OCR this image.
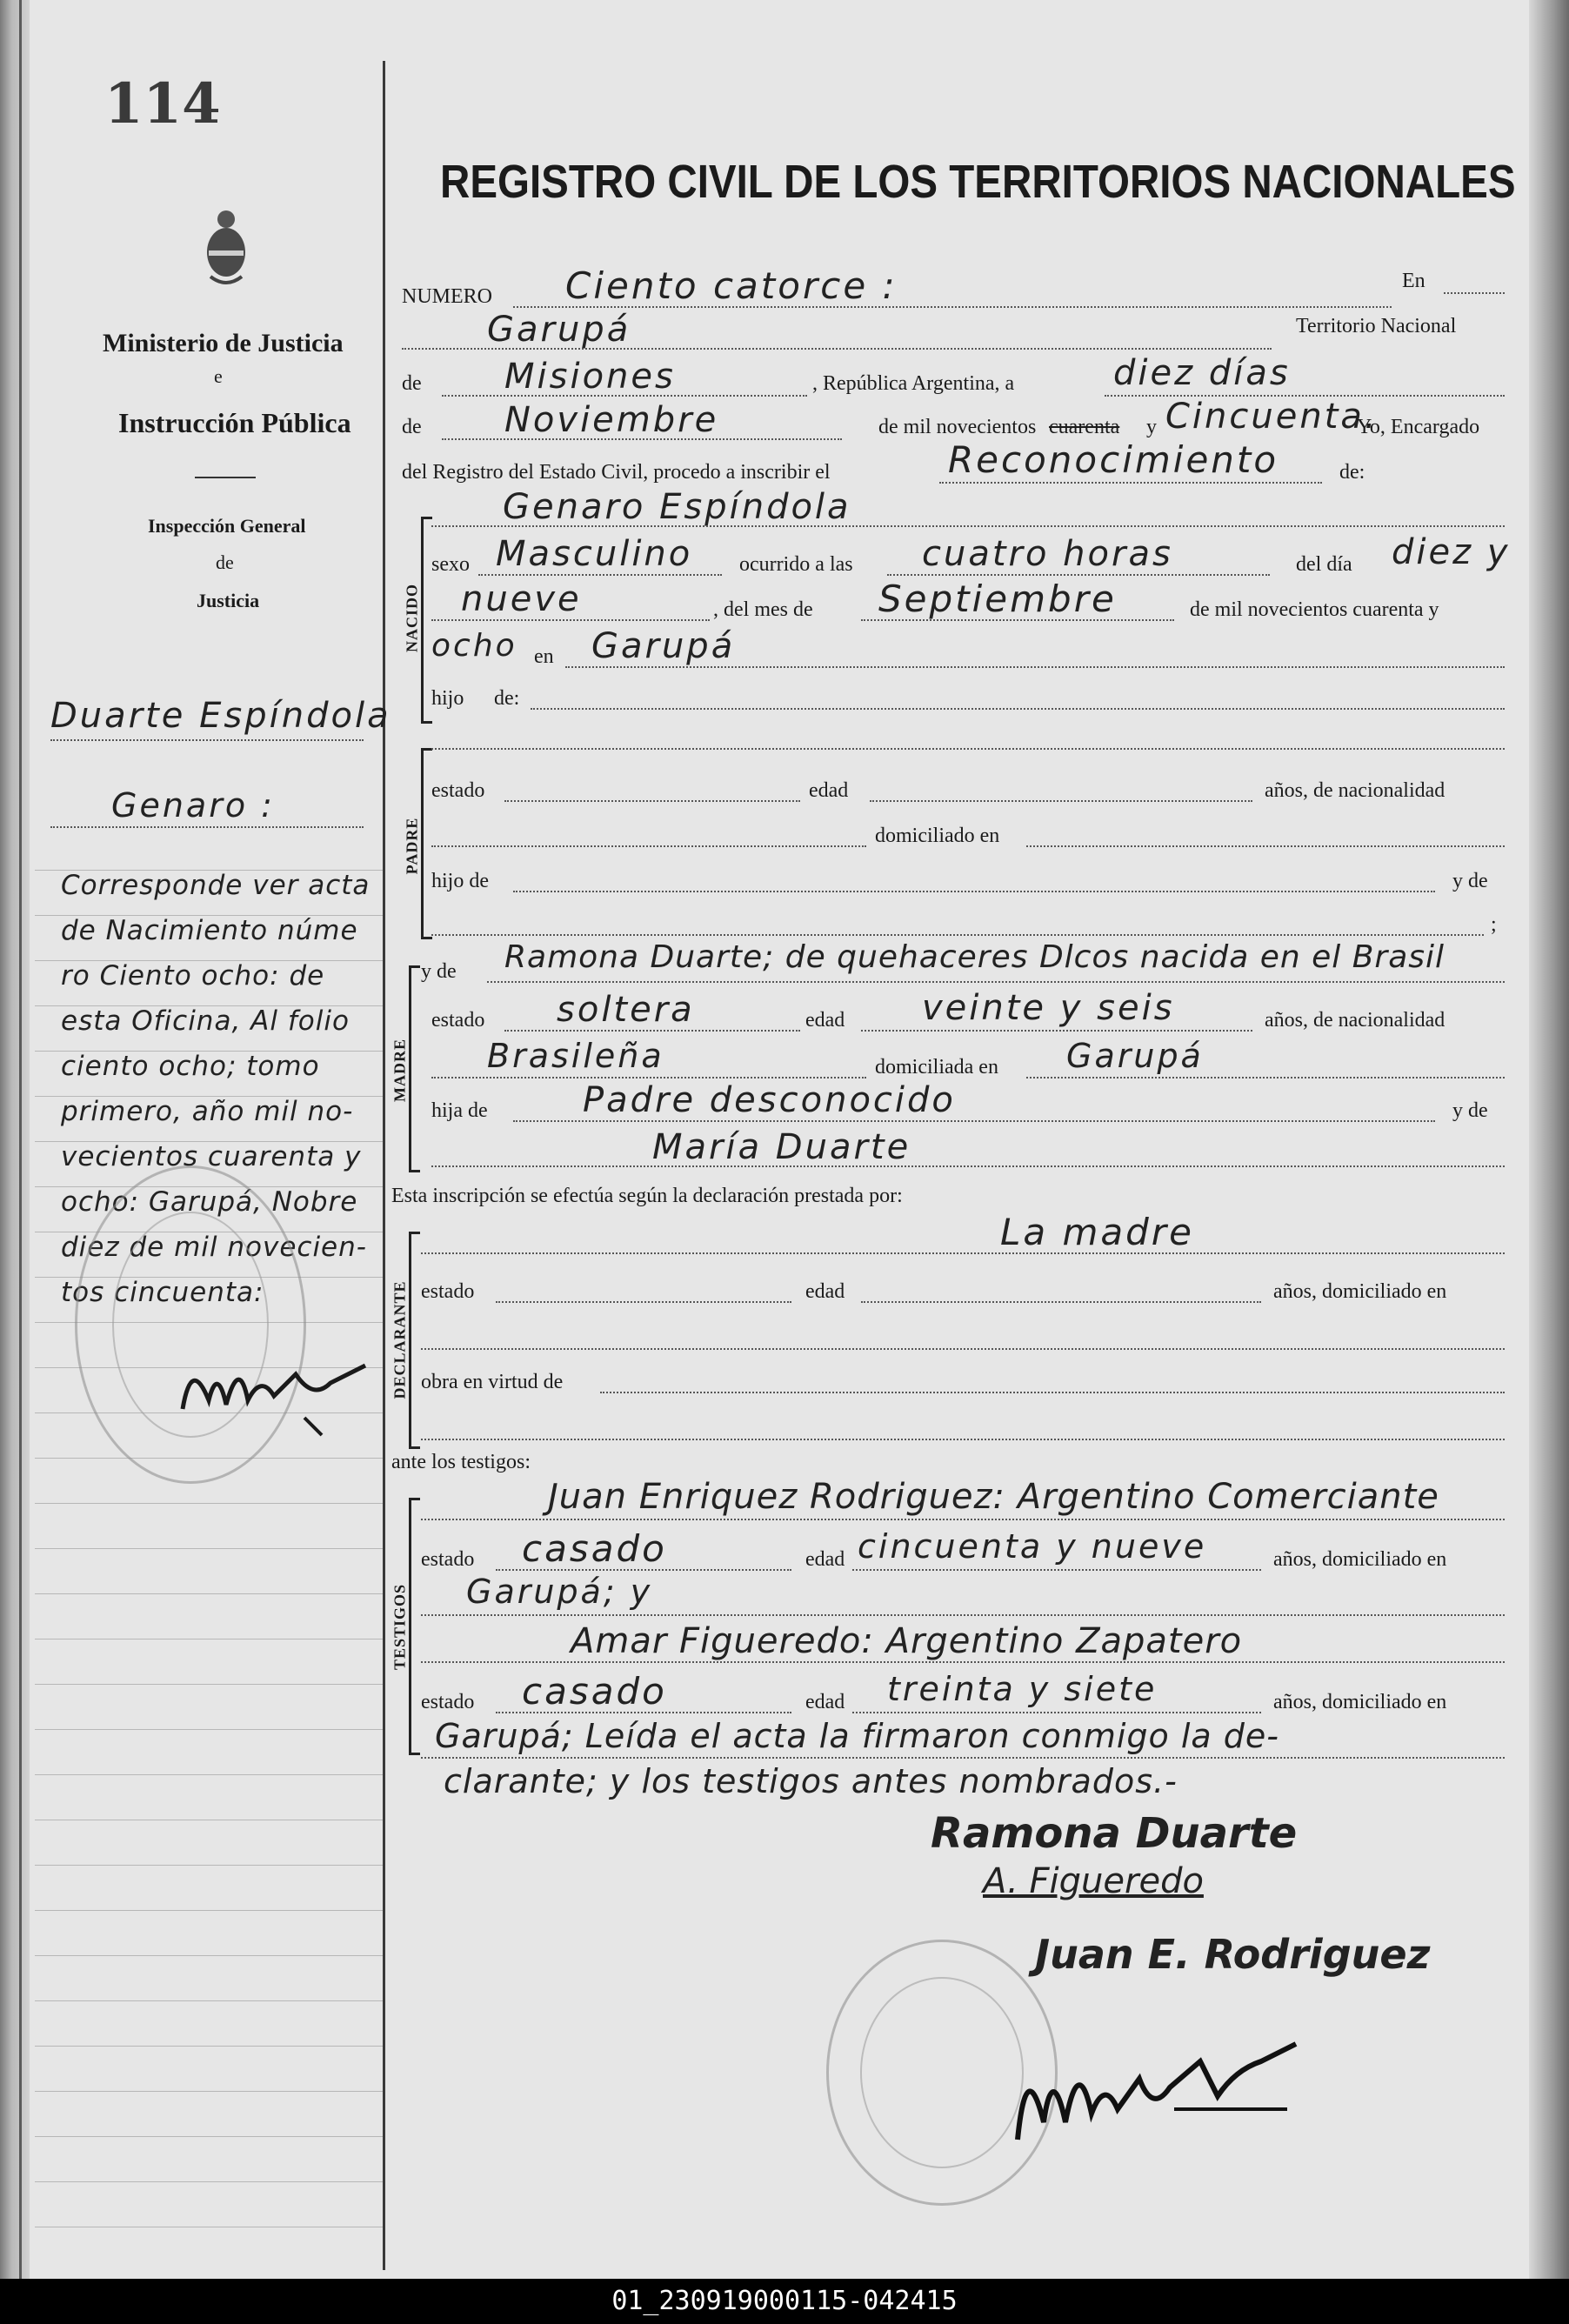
114
Ministerio de Justicia
e
Instrucción Pública
Inspección General
de
Justicia
Duarte Espíndola
Genaro :
Corresponde ver acta
de Nacimiento núme
ro Ciento ocho: de
esta Oficina, Al folio
ciento ocho; tomo
primero, año mil no-
vecientos cuarenta y
ocho: Garupá, Nobre
diez de mil novecien-
tos cincuenta:
REGISTRO CIVIL DE LOS TERRITORIOS NACIONALES
NUMERO Ciento catorce :	En
Garupá	Territorio Nacional
de Misiones	, República Argentina, a	diez días
de Noviembre	de mil novecientos cuarenta y Cincuenta.
Yo, Encargado
del Registro del Estado Civil, procedo a inscribir el	Reconocimiento	de:
NACIDO
Genaro Espíndola
sexo Masculino ocurrido a las cuatro horas	del día diez y
nueve	, del mes de Septiembre	de mil novecientos cuarenta y
ocho en Garupá
hijo de:
PADRE
estado	edad	años, de nacionalidad
domiciliado en
hijo de	y de
;
MADRE
y de Ramona Duarte; de quehaceres Dlcos nacida en el Brasil
estado soltera	edad veinte y seis	años, de nacionalidad
Brasileña	domiciliada en Garupá
hija de	Padre desconocido	y de
María Duarte
Esta inscripción se efectúa según la declaración prestada por:
DECLARANTE
La madre
estado	edad	años, domiciliado en
obra en virtud de
ante los testigos:
TESTIGOS
Juan Enriquez Rodriguez: Argentino Comerciante
estado casado	edad cincuenta y nueve	años, domiciliado en
Garupá; y
Amar Figueredo: Argentino Zapatero
estado casado	edad treinta y siete	años, domiciliado en
Garupá; Leída el acta la firmaron conmigo la de-
clarante; y los testigos antes nombrados.-
Ramona Duarte
A. Figueredo
Juan E. Rodriguez
01_230919000115-042415
